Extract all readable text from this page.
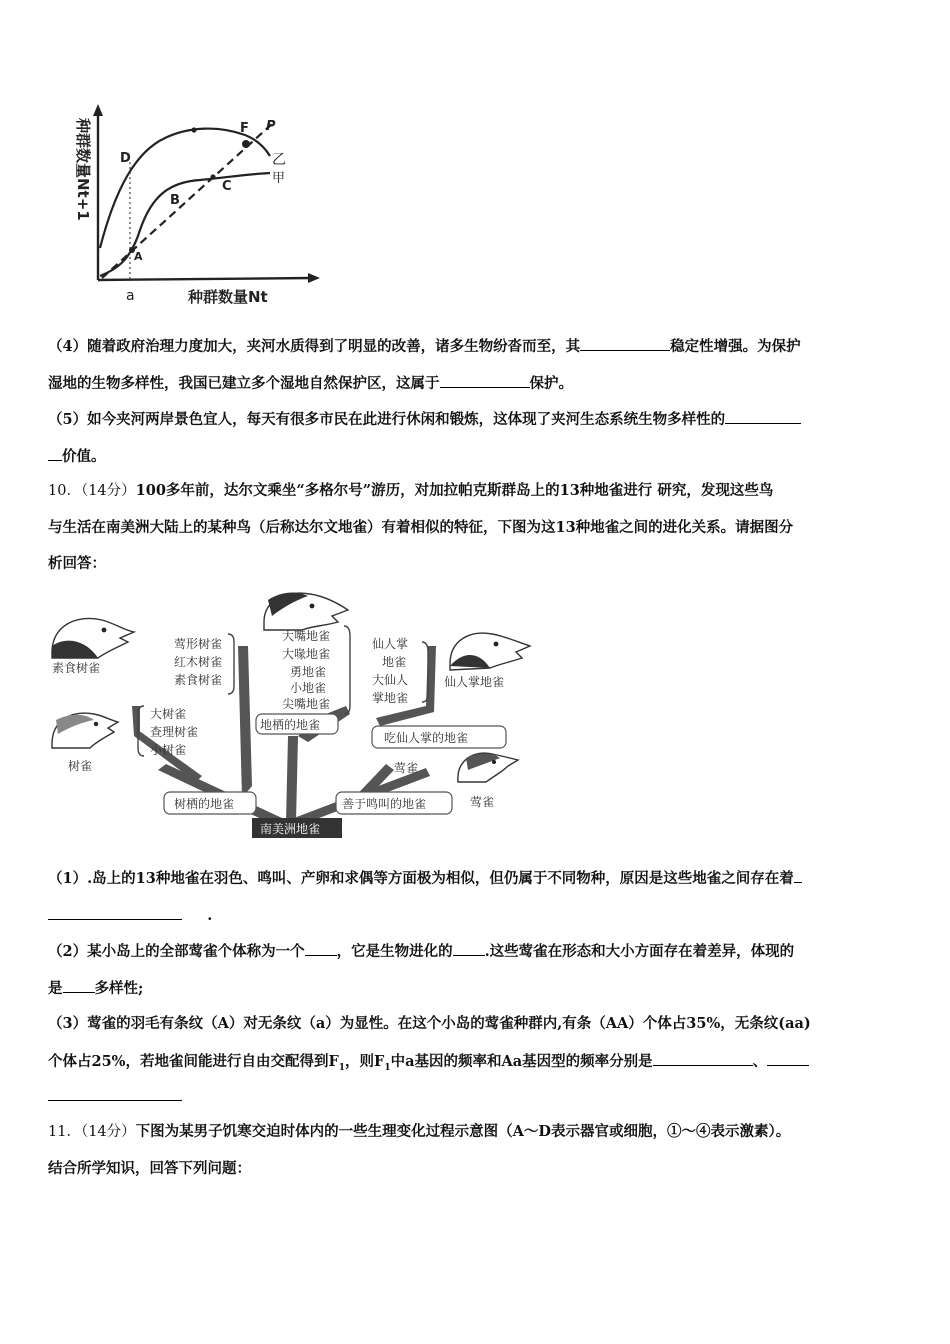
种群数量Nt+1
种群数量Nt
a
D
F P
B
C
A
乙
甲
（4）随着政府治理力度加大，夹河水质得到了明显的改善，诸多生物纷沓而至，其	稳定性增强。为保护
湿地的生物多样性，我国已建立多个湿地自然保护区，这属于	保护。
（5）如今夹河两岸景色宜人，每天有很多市民在此进行休闲和锻炼，这体现了夹河生态系统生物多样性的
价值。
10．（14分）100多年前，达尔文乘坐“多格尔号”游历，对加拉帕克斯群岛上的13种地雀进行 研究，发现这些鸟
与生活在南美洲大陆上的某种鸟（后称达尔文地雀）有着相似的特征，下图为这13种地雀之间的进化关系。请据图分
析回答：
莺形树雀
红木树雀
素食树雀
大树雀
查理树雀
小树雀
大嘴地雀
大喙地雀
勇地雀
小地雀
尖嘴地雀
仙人掌
地雀
大仙人
掌地雀
地栖的地雀
吃仙人掌的地雀
树栖的地雀	善于鸣叫的地雀
南美洲地雀
莺雀
素食树雀
树雀
仙人掌地雀
莺雀
（1）.岛上的13种地雀在羽色、鸣叫、产卵和求偶等方面极为相似，但仍属于不同物种，原因是这些地雀之间存在着
.
（2）某小岛上的全部莺雀个体称为一个 ，它是生物进化的 .这些莺雀在形态和大小方面存在着差异，体现的
是 多样性;
（3）莺雀的羽毛有条纹（A）对无条纹（a）为显性。在这个小岛的莺雀种群内,有条（AA）个体占35%，无条纹(aa)
个体占25%，若地雀间能进行自由交配得到$F_1$，则$F_1$中a基因的频率和Aa基因型的频率分别是	、
11．（14分）下图为某男子饥寒交迫时体内的一些生理变化过程示意图（A～D表示器官或细胞，①～④表示激素）。
结合所学知识，回答下列问题：
